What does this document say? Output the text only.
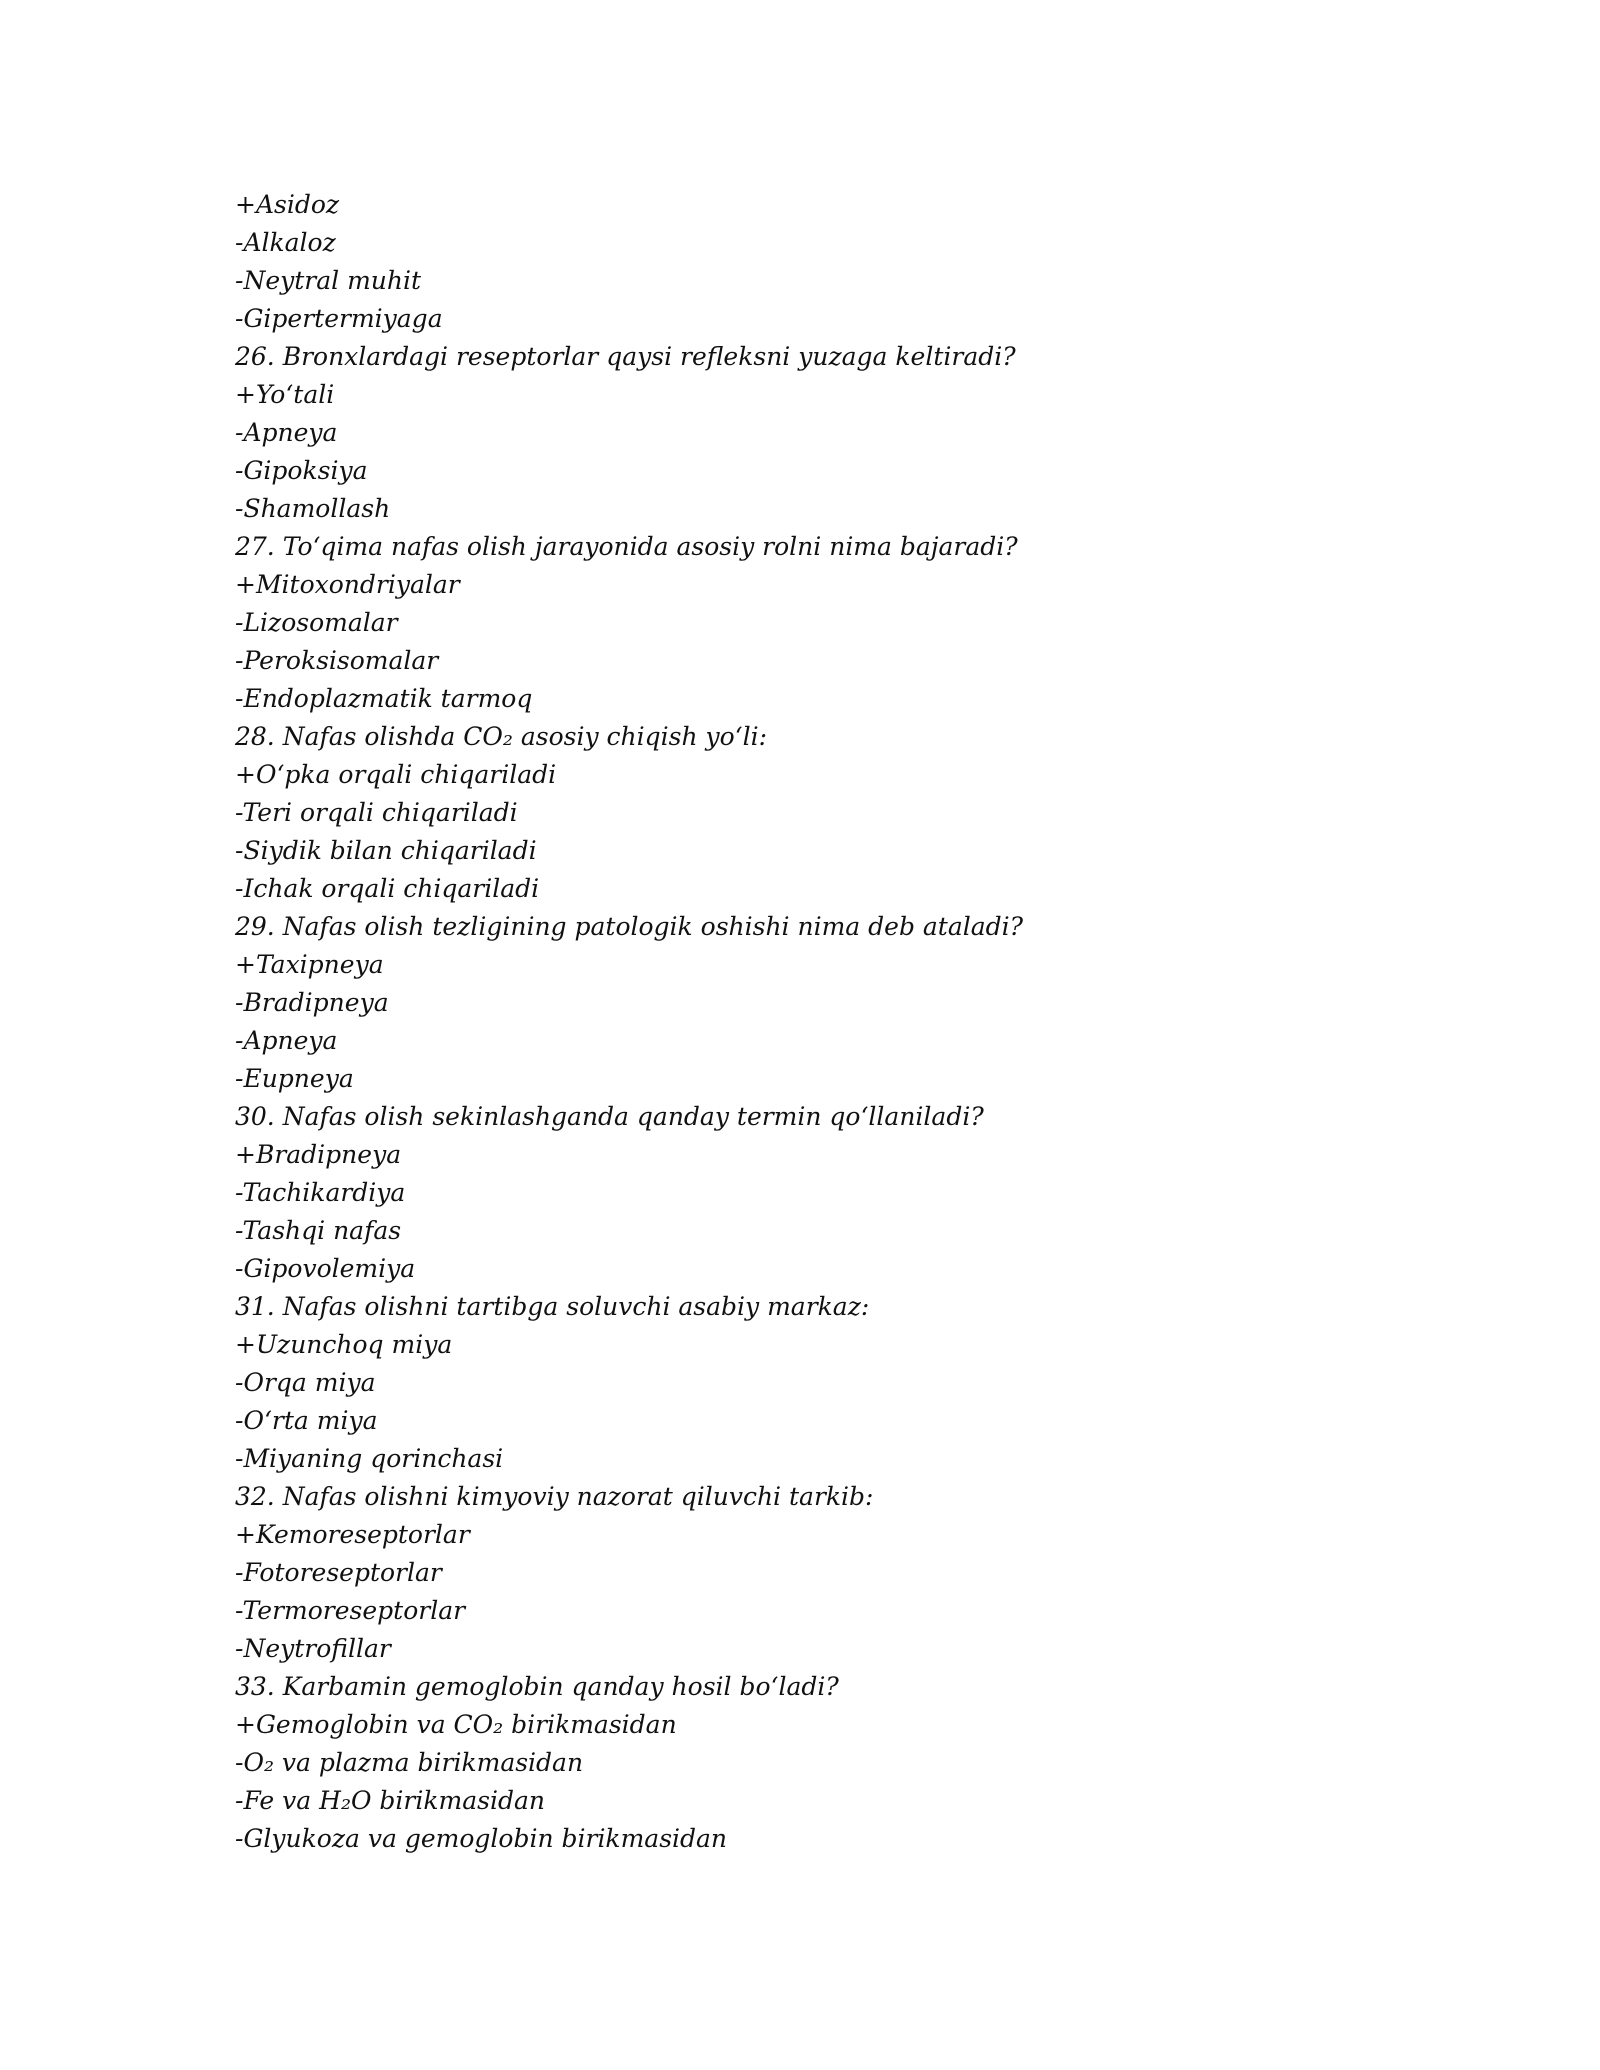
+Asidoz
-Alkaloz
-Neytral muhit
-Gipertermiyaga
26. Bronxlardagi reseptorlar qaysi refleksni yuzaga keltiradi?
+Yo‘tali
-Apneya
-Gipoksiya
-Shamollash
27. To‘qima nafas olish jarayonida asosiy rolni nima bajaradi?
+Mitoxondriyalar
-Lizosomalar
-Peroksisomalar
-Endoplazmatik tarmoq
28. Nafas olishda CO₂ asosiy chiqish yo‘li:
+O‘pka orqali chiqariladi
-Teri orqali chiqariladi
-Siydik bilan chiqariladi
-Ichak orqali chiqariladi
29. Nafas olish tezligining patologik oshishi nima deb ataladi?
+Taxipneya
-Bradipneya
-Apneya
-Eupneya
30. Nafas olish sekinlashganda qanday termin qo‘llaniladi?
+Bradipneya
-Tachikardiya
-Tashqi nafas
-Gipovolemiya
31. Nafas olishni tartibga soluvchi asabiy markaz:
+Uzunchoq miya
-Orqa miya
-O‘rta miya
-Miyaning qorinchasi
32. Nafas olishni kimyoviy nazorat qiluvchi tarkib:
+Kemoreseptorlar
-Fotoreseptorlar
-Termoreseptorlar
-Neytrofillar
33. Karbamin gemoglobin qanday hosil bo‘ladi?
+Gemoglobin va CO₂ birikmasidan
-O₂ va plazma birikmasidan
-Fe va H₂O birikmasidan
-Glyukoza va gemoglobin birikmasidan
